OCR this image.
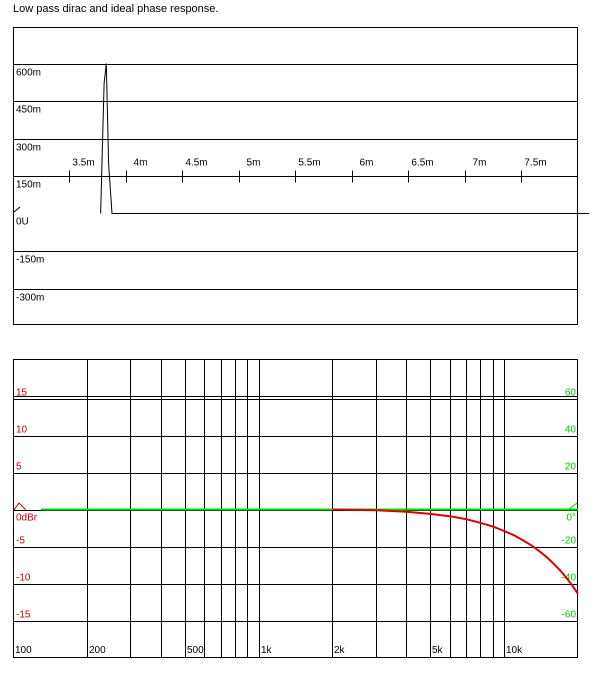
Low pass dirac and ideal phase response.
600m
450m
300m
150m
0U
-150m
-300m
3.5m	4m	4.5m	5m	5.5m	6m	6.5m	7m	7.5m
15
10
5
0dBr
-5
-10
-15
60
40
20
0°
-20
-40
-60
100	200	500	1k	2k	5k	10k
